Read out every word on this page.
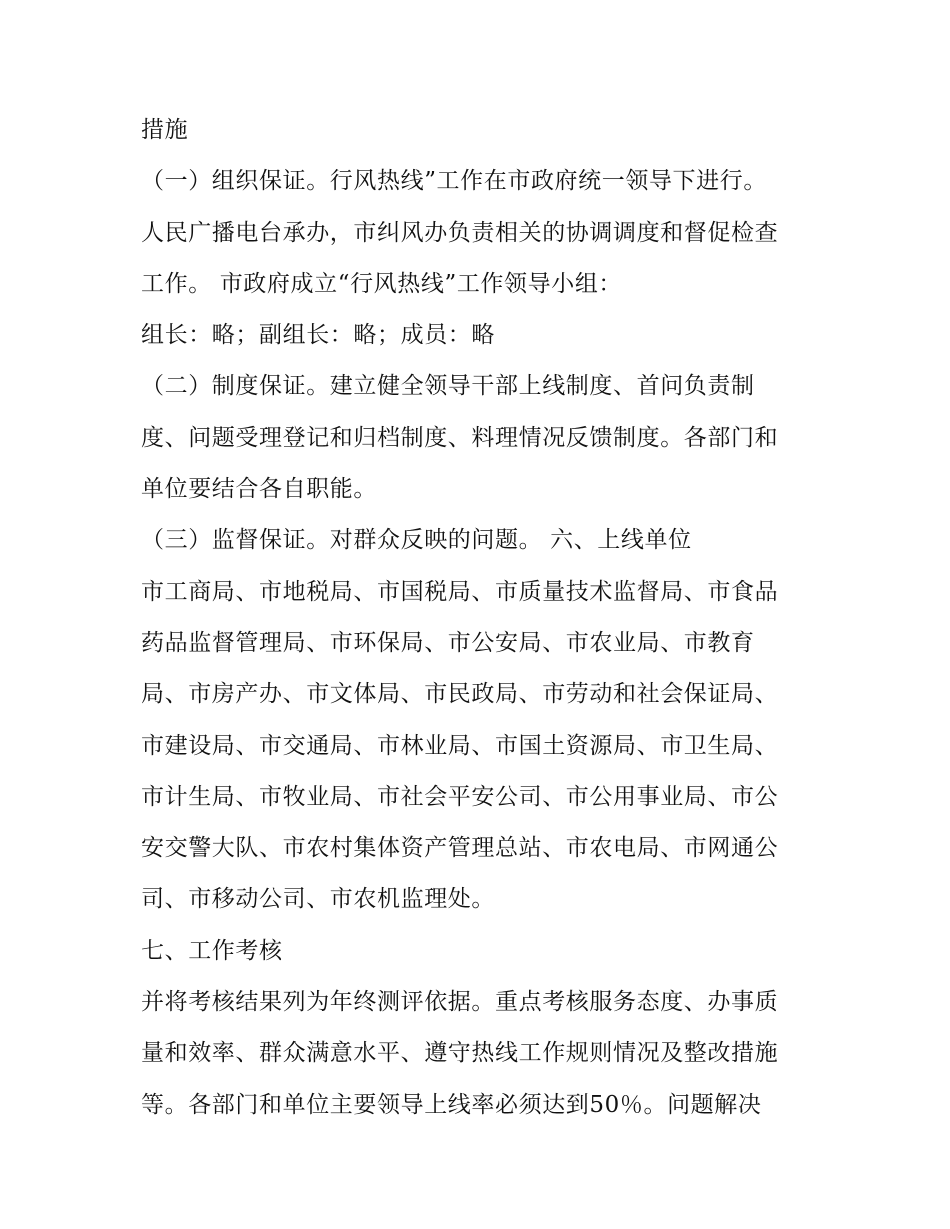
措施
（一）组织保证。行风热线”工作在市政府统一领导下进行。
人民广播电台承办，市纠风办负责相关的协调调度和督促检查
工作。 市政府成立“行风热线”工作领导小组：
组长：略；副组长：略；成员：略
（二）制度保证。建立健全领导干部上线制度、首问负责制
度、问题受理登记和归档制度、料理情况反馈制度。各部门和
单位要结合各自职能。
（三）监督保证。对群众反映的问题。 六、上线单位
市工商局、市地税局、市国税局、市质量技术监督局、市食品
药品监督管理局、市环保局、市公安局、市农业局、市教育
局、市房产办、市文体局、市民政局、市劳动和社会保证局、
市建设局、市交通局、市林业局、市国土资源局、市卫生局、
市计生局、市牧业局、市社会平安公司、市公用事业局、市公
安交警大队、市农村集体资产管理总站、市农电局、市网通公
司、市移动公司、市农机监理处。
七、工作考核
并将考核结果列为年终测评依据。重点考核服务态度、办事质
量和效率、群众满意水平、遵守热线工作规则情况及整改措施
等。各部门和单位主要领导上线率必须达到50％。问题解决
